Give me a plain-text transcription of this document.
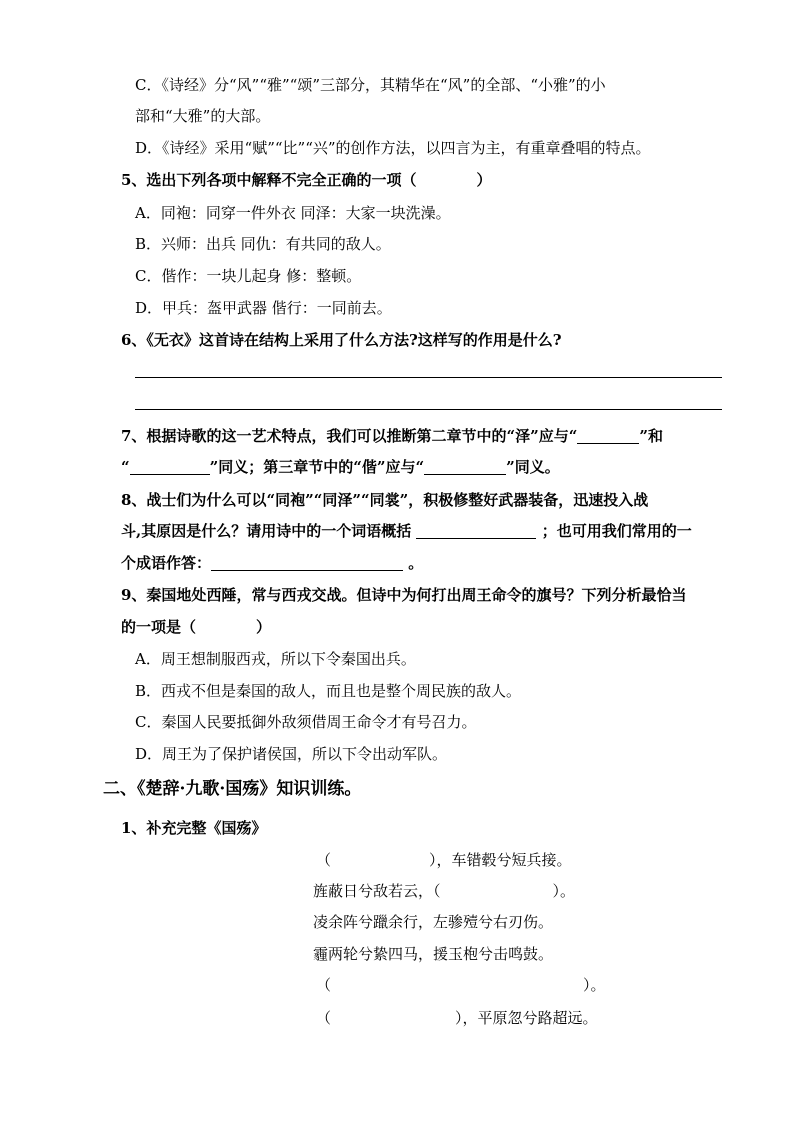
C．《诗经》分“风”“雅”“颂”三部分，其精华在“风”的全部、“小雅”的小
部和“大雅”的大部。
D．《诗经》采用“赋”“比”“兴”的创作方法，以四言为主，有重章叠唱的特点。
5、选出下列各项中解释不完全正确的一项（　　　　）
A．同袍：同穿一件外衣 同泽：大家一块洗澡。
B．兴师：出兵 同仇：有共同的敌人。
C．偕作：一块儿起身 修：整顿。
D．甲兵：盔甲武器 偕行：一同前去。
6、《无衣》这首诗在结构上采用了什么方法?这样写的作用是什么?
7、根据诗歌的这一艺术特点，我们可以推断第二章节中的“泽”应与“	”和
“	”同义；第三章节中的“偕”应与“	”同义。
8、战士们为什么可以“同袍”“同泽”“同裳”，积极修整好武器装备，迅速投入战
斗,其原因是什么？请用诗中的一个词语概括	；也可用我们常用的一
个成语作答：	。
9、秦国地处西陲，常与西戎交战。但诗中为何打出周王命令的旗号？下列分析最恰当
的一项是（　　　　）
A．周王想制服西戎，所以下令秦国出兵。
B．西戎不但是秦国的敌人，而且也是整个周民族的敌人。
C．秦国人民要抵御外敌须借周王命令才有号召力。
D．周王为了保护诸侯国，所以下令出动军队。
二、《楚辞·九歌·国殇》知识训练。
1、补充完整《国殇》
（	），车错毂兮短兵接。
旌蔽日兮敌若云，（	）。
凌余阵兮躐余行，左骖殪兮右刃伤。
霾两轮兮絷四马，援玉枹兮击鸣鼓。
（	）。
（	），平原忽兮路超远。
